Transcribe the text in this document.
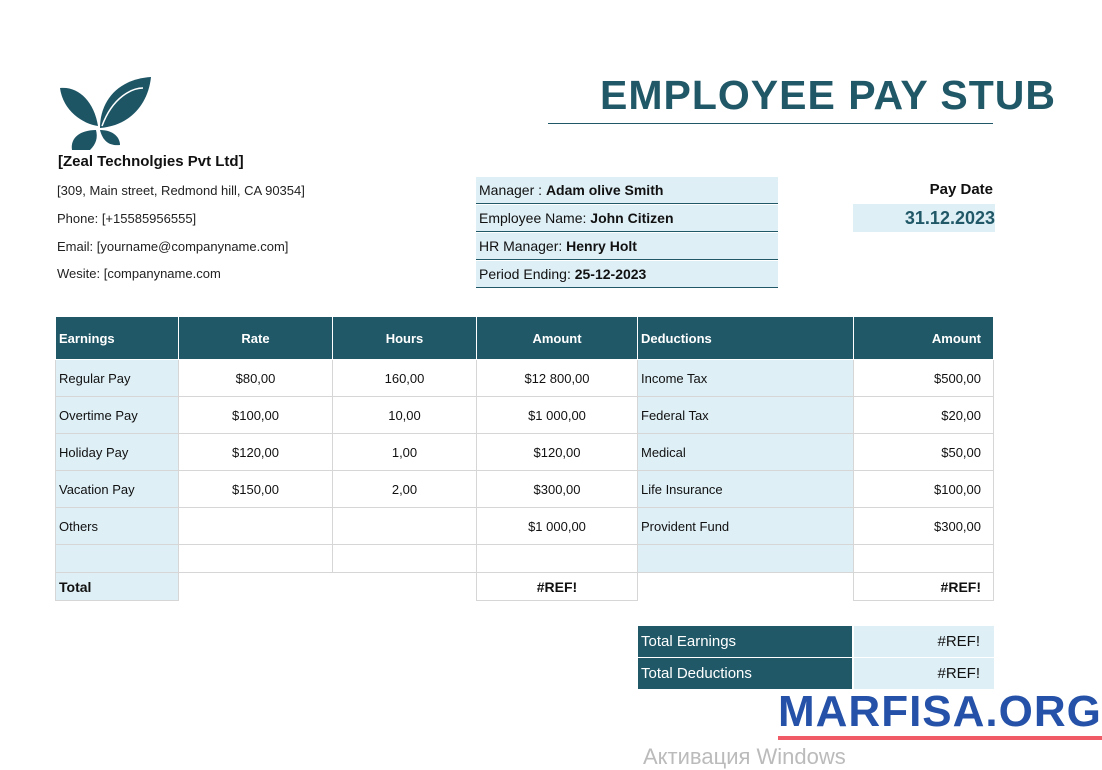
EMPLOYEE PAY STUB
[Zeal Technolgies Pvt Ltd]
[309, Main street, Redmond hill, CA 90354]
Phone: [+15585956555]
Email: [yourname@companyname.com]
Wesite: [companyname.com
Manager : Adam olive Smith
Employee Name: John Citizen
HR Manager: Henry Holt
Period Ending: 25-12-2023
Pay Date
31.12.2023
Earnings	Rate	Hours	Amount	Deductions	Amount
Regular Pay	$80,00	160,00	$12 800,00	Income Tax	$500,00
Overtime Pay	$100,00	10,00	$1 000,00	Federal Tax	$20,00
Holiday Pay	$120,00	1,00	$120,00	Medical	$50,00
Vacation Pay	$150,00	2,00	$300,00	Life Insurance	$100,00
Others			$1 000,00	Provident Fund	$300,00

Total			#REF!		#REF!
Total Earnings	#REF!
Total Deductions	#REF!
MARFISA.ORG
Активация Windows
